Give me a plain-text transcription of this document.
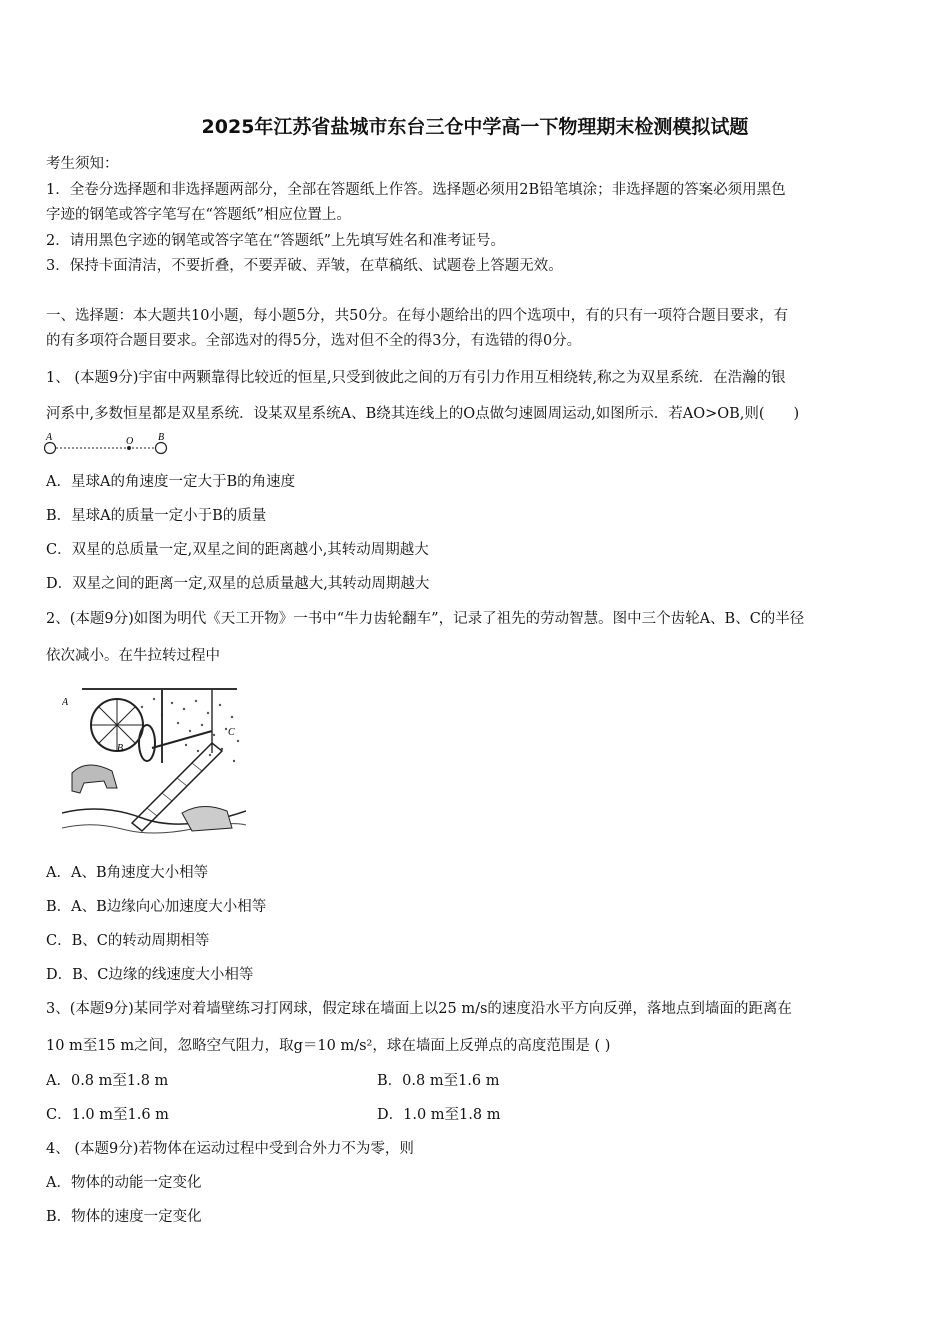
2025年江苏省盐城市东台三仓中学高一下物理期末检测模拟试题
考生须知：
1．全卷分选择题和非选择题两部分，全部在答题纸上作答。选择题必须用2B铅笔填涂；非选择题的答案必须用黑色
字迹的钢笔或答字笔写在“答题纸”相应位置上。
2．请用黑色字迹的钢笔或答字笔在“答题纸”上先填写姓名和准考证号。
3．保持卡面清洁，不要折叠，不要弄破、弄皱，在草稿纸、试题卷上答题无效。
一、选择题：本大题共10小题，每小题5分，共50分。在每小题给出的四个选项中，有的只有一项符合题目要求，有
的有多项符合题目要求。全部选对的得5分，选对但不全的得3分，有选错的得0分。
1、 (本题9分)宇宙中两颗靠得比较近的恒星,只受到彼此之间的万有引力作用互相绕转,称之为双星系统．在浩瀚的银
河系中,多数恒星都是双星系统．设某双星系统A、B绕其连线上的O点做匀速圆周运动,如图所示．若AO>OB,则(　　)
A	O B
A．星球A的角速度一定大于B的角速度
B．星球A的质量一定小于B的质量
C．双星的总质量一定,双星之间的距离越小,其转动周期越大
D．双星之间的距离一定,双星的总质量越大,其转动周期越大
2、(本题9分)如图为明代《天工开物》一书中“牛力齿轮翻车”，记录了祖先的劳动智慧。图中三个齿轮A、B、C的半径
依次减小。在牛拉转过程中
A
B
C
A．A、B角速度大小相等
B．A、B边缘向心加速度大小相等
C．B、C的转动周期相等
D．B、C边缘的线速度大小相等
3、(本题9分)某同学对着墙壁练习打网球，假定球在墙面上以25 m/s的速度沿水平方向反弹，落地点到墙面的距离在
10 m至15 m之间，忽略空气阻力，取g＝10 m/s²，球在墙面上反弹点的高度范围是 ( )
A．0.8 m至1.8 m	B．0.8 m至1.6 m
C．1.0 m至1.6 m	D．1.0 m至1.8 m
4、 (本题9分)若物体在运动过程中受到合外力不为零，则
A．物体的动能一定变化
B．物体的速度一定变化
